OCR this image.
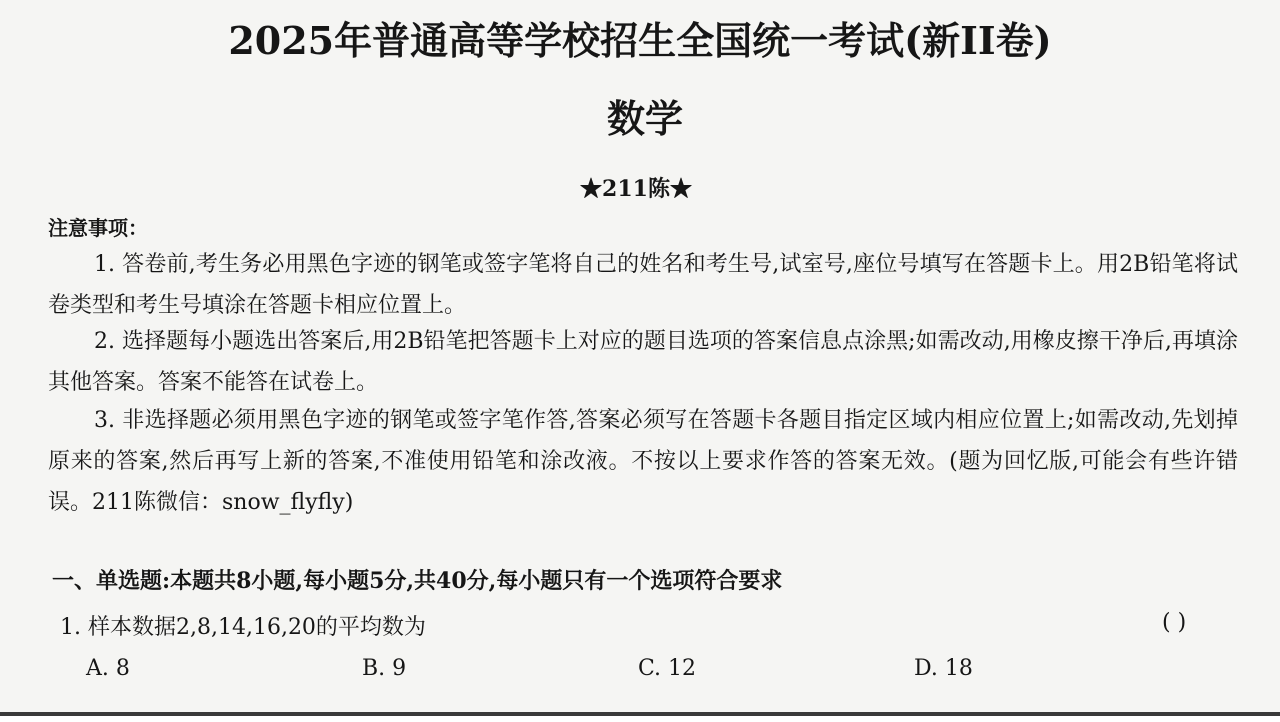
2025年普通高等学校招生全国统一考试(新II卷)
数学
★211陈★
注意事项：
1. 答卷前,考生务必用黑色字迹的钢笔或签字笔将自己的姓名和考生号,试室号,座位号填写在答题卡上。用2B铅笔将试卷类型和考生号填涂在答题卡相应位置上。
2. 选择题每小题选出答案后,用2B铅笔把答题卡上对应的题目选项的答案信息点涂黑;如需改动,用橡皮擦干净后,再填涂其他答案。答案不能答在试卷上。
3. 非选择题必须用黑色字迹的钢笔或签字笔作答,答案必须写在答题卡各题目指定区域内相应位置上;如需改动,先划掉原来的答案,然后再写上新的答案,不准使用铅笔和涂改液。不按以上要求作答的答案无效。(题为回忆版,可能会有些许错误。211陈微信：snow_flyfly)
一、单选题:本题共8小题,每小题5分,共40分,每小题只有一个选项符合要求
1. 样本数据2,8,14,16,20的平均数为	( )
A. 8	B. 9	C. 12	D. 18
